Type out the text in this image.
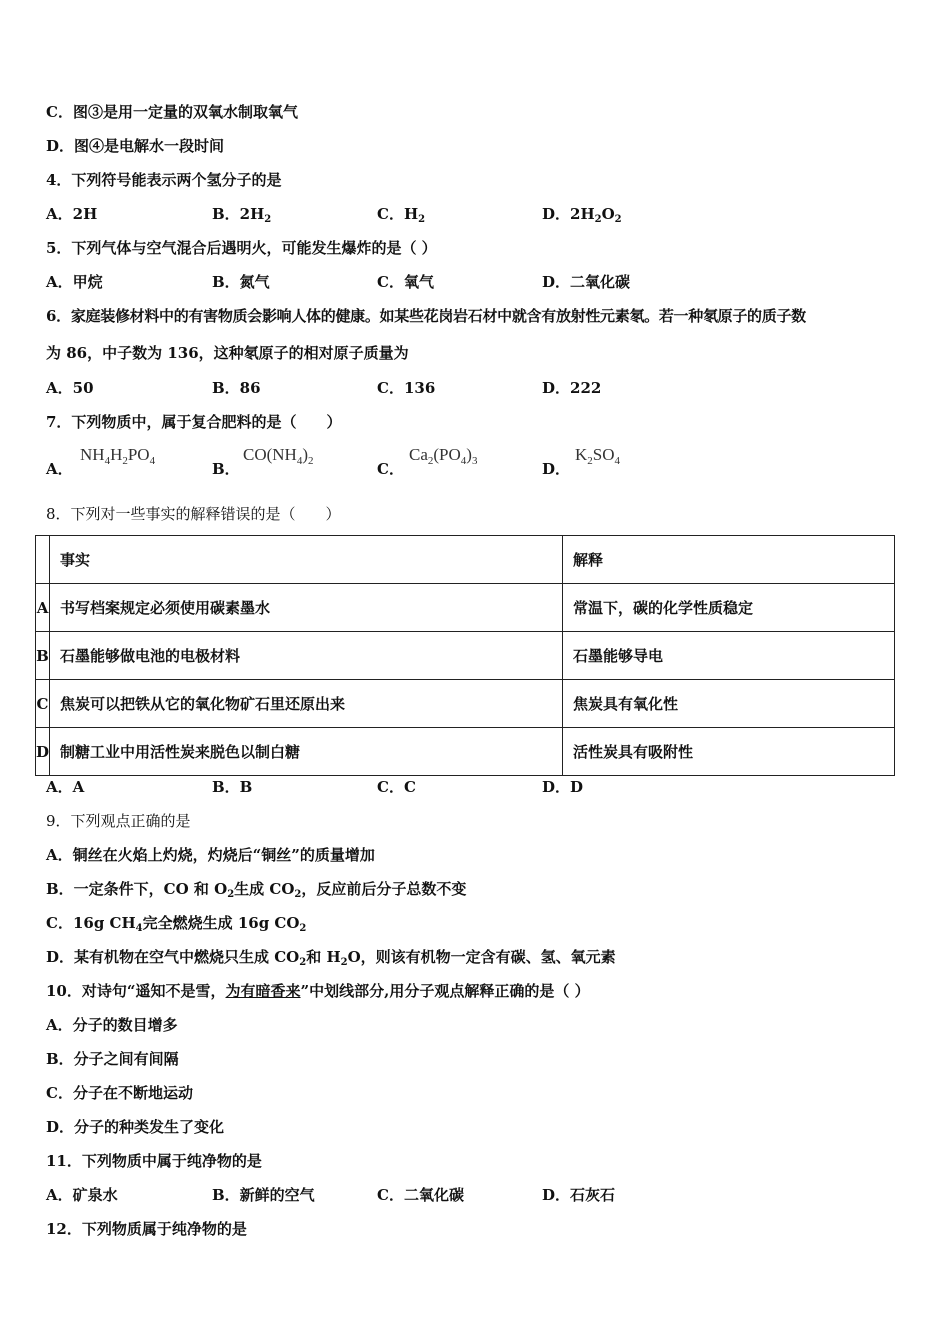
C．图③是用一定量的双氧水制取氧气
D．图④是电解水一段时间
4．下列符号能表示两个氢分子的是
A．2H	B．$2H_2$	C．$H_2$	D．$2H_2O_2$
5．下列气体与空气混合后遇明火，可能发生爆炸的是（ ）
A．甲烷	B．氮气	C．氧气	D．二氧化碳
6．家庭装修材料中的有害物质会影响人体的健康。如某些花岗岩石材中就含有放射性元素氡。若一种氡原子的质子数
为 86，中子数为 136，这种氡原子的相对原子质量为
A．50	B．86	C．136	D．222
7．下列物质中，属于复合肥料的是（　　）
A．
$NH_4H_2PO_4$	B．
$CO(NH_4)_2$	C．
$Ca_2(PO_4)_3$	D．
$K_2SO_4$
8．下列对一些事实的解释错误的是（　　）
	事实	解释
A	书写档案规定必须使用碳素墨水	常温下，碳的化学性质稳定
B	石墨能够做电池的电极材料	石墨能够导电
C	焦炭可以把铁从它的氧化物矿石里还原出来	焦炭具有氧化性
D	制糖工业中用活性炭来脱色以制白糖	活性炭具有吸附性
A．A	B．B	C．C	D．D
9．下列观点正确的是
A．铜丝在火焰上灼烧，灼烧后“铜丝”的质量增加
B．一定条件下，CO 和 $O_2$生成 $CO_2$，反应前后分子总数不变
C．16g $CH_4$完全燃烧生成 16g $CO_2$
D．某有机物在空气中燃烧只生成 $CO_2$和 $H_2O$，则该有机物一定含有碳、氢、氧元素
10．对诗句“遥知不是雪，为有暗香来”中划线部分,用分子观点解释正确的是（ ）
A．分子的数目增多
B．分子之间有间隔
C．分子在不断地运动
D．分子的种类发生了变化
11．下列物质中属于纯净物的是
A．矿泉水	B．新鲜的空气	C．二氧化碳	D．石灰石
12．下列物质属于纯净物的是
